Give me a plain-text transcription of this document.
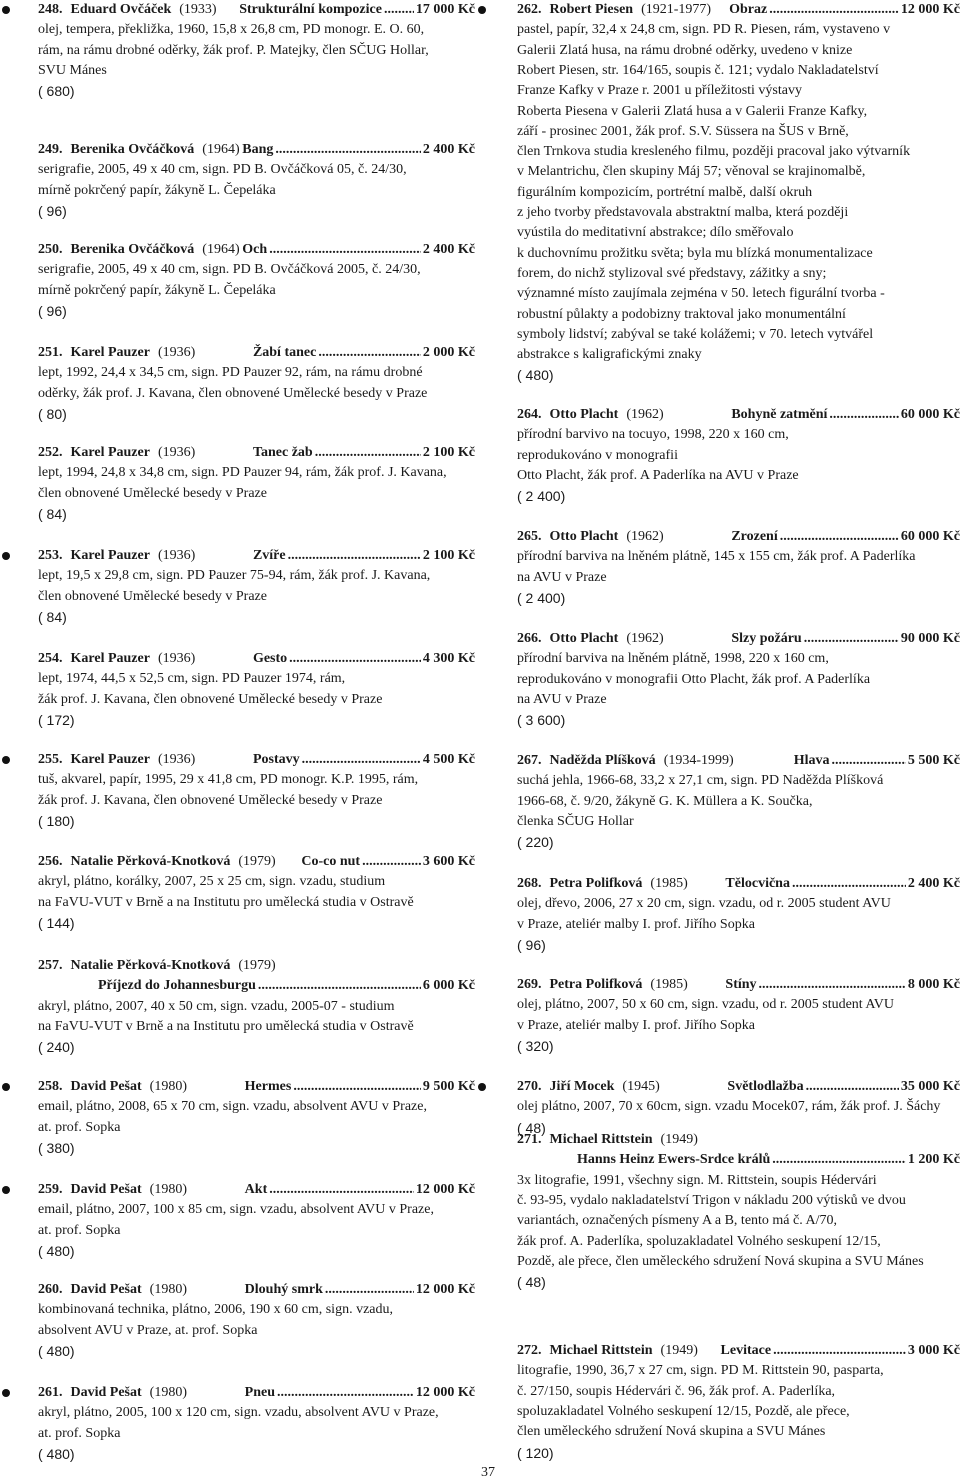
248. Eduard Ovčáček (1933)	Strukturální kompozice ..... 17 000 Kč
olej, tempera, překližka, 1960, 15,8 x 26,8 cm, PD monogr. E. O. 60,
rám, na rámu drobné oděrky, žák prof. P. Matejky, člen SČUG Hollar,
SVU Mánes
( 680)
249. Berenika Ovčáčková (1964) Bang .....	2 400 Kč
serigrafie, 2005, 49 x 40 cm, sign. PD B. Ovčáčková 05, č. 24/30,
mírně pokrčený papír, žákyně L. Čepeláka
( 96)
250. Berenika Ovčáčková (1964) Och .....	2 400 Kč
serigrafie, 2005, 49 x 40 cm, sign. PD B. Ovčáčková 2005, č. 24/30,
mírně pokrčený papír, žákyně L. Čepeláka
( 96)
251. Karel Pauzer (1936)	Žabí tanec .....	2 000 Kč
lept, 1992, 24,4 x 34,5 cm, sign. PD Pauzer 92, rám, na rámu drobné
oděrky, žák prof. J. Kavana, člen obnovené Umělecké besedy v Praze
( 80)
252. Karel Pauzer (1936)	Tanec žab .....	2 100 Kč
lept, 1994, 24,8 x 34,8 cm, sign. PD Pauzer 94, rám, žák prof. J. Kavana,
člen obnovené Umělecké besedy v Praze
( 84)
253. Karel Pauzer (1936)	Zvíře .....	2 100 Kč
lept, 19,5 x 29,8 cm, sign. PD Pauzer 75-94, rám, žák prof. J. Kavana,
člen obnovené Umělecké besedy v Praze
( 84)
254. Karel Pauzer (1936)	Gesto .....	4 300 Kč
lept, 1974, 44,5 x 52,5 cm, sign. PD Pauzer 1974, rám,
žák prof. J. Kavana, člen obnovené Umělecké besedy v Praze
( 172)
255. Karel Pauzer (1936)	Postavy .....	4 500 Kč
tuš, akvarel, papír, 1995, 29 x 41,8 cm, PD monogr. K.P. 1995, rám,
žák prof. J. Kavana, člen obnovené Umělecké besedy v Praze
( 180)
256. Natalie Pěrková-Knotková (1979)	Co-co nut .....	3 600 Kč
akryl, plátno, korálky, 2007, 25 x 25 cm, sign. vzadu, studium
na FaVU-VUT v Brně a na Institutu pro umělecká studia v Ostravě
( 144)
257. Natalie Pěrková-Knotková (1979)
Příjezd do Johannesburgu .....	6 000 Kč
akryl, plátno, 2007, 40 x 50 cm, sign. vzadu, 2005-07 - studium
na FaVU-VUT v Brně a na Institutu pro umělecká studia v Ostravě
( 240)
258. David Pešat (1980)	Hermes .....	9 500 Kč
email, plátno, 2008, 65 x 70 cm, sign. vzadu, absolvent AVU v Praze,
at. prof. Sopka
( 380)
259. David Pešat (1980)	Akt .....	12 000 Kč
email, plátno, 2007, 100 x 85 cm, sign. vzadu, absolvent AVU v Praze,
at. prof. Sopka
( 480)
260. David Pešat (1980)	Dlouhý smrk .....	12 000 Kč
kombinovaná technika, plátno, 2006, 190 x 60 cm, sign. vzadu,
absolvent AVU v Praze, at. prof. Sopka
( 480)
261. David Pešat (1980)	Pneu .....	12 000 Kč
akryl, plátno, 2005, 100 x 120 cm, sign. vzadu, absolvent AVU v Praze,
at. prof. Sopka
( 480)
262. Robert Piesen (1921-1977)	Obraz .....	12 000 Kč
pastel, papír, 32,4 x 24,8 cm, sign. PD R. Piesen, rám, vystaveno v
Galerii Zlatá husa, na rámu drobné oděrky, uvedeno v knize
Robert Piesen, str. 164/165, soupis č. 121; vydalo Nakladatelství
Franze Kafky v Praze r. 2001 u příležitosti výstavy
Roberta Piesena v Galerii Zlatá husa a v Galerii Franze Kafky,
září - prosinec 2001, žák prof. S.V. Süssera na ŠUS v Brně,
člen Trnkova studia kresleného filmu, později pracoval jako výtvarník
v Melantrichu, člen skupiny Máj 57; věnoval se krajinomalbě,
figurálním kompozicím, portrétní malbě, další okruh
z jeho tvorby představovala abstraktní malba, která později
vyústila do meditativní abstrakce; dílo směřovalo
k duchovnímu prožitku světa; byla mu blízká monumentalizace
forem, do nichž stylizoval své představy, zážitky a sny;
významné místo zaujímala zejména v 50. letech figurální tvorba -
robustní půlakty a podobizny traktoval jako monumentální
symboly lidství; zabýval se také kolážemi; v 70. letech vytvářel
abstrakce s kaligrafickými znaky
( 480)
264. Otto Placht (1962)	Bohyně zatmění .....	60 000 Kč
přírodní barvivo na tocuyo, 1998, 220 x 160 cm,
reprodukováno v monografii
Otto Placht, žák prof. A Paderlíka na AVU v Praze
( 2 400)
265. Otto Placht (1962)	Zrození .....	60 000 Kč
přírodní barviva na lněném plátně, 145 x 155 cm, žák prof. A Paderlíka
na AVU v Praze
( 2 400)
266. Otto Placht (1962)	Slzy požáru .....	90 000 Kč
přírodní barviva na lněném plátně, 1998, 220 x 160 cm,
reprodukováno v monografii Otto Placht, žák prof. A Paderlíka
na AVU v Praze
( 3 600)
267. Naděžda Plíšková (1934-1999)	Hlava .....	5 500 Kč
suchá jehla, 1966-68, 33,2 x 27,1 cm, sign. PD Naděžda Plíšková
1966-68, č. 9/20, žákyně G. K. Müllera a K. Součka,
členka SČUG Hollar
( 220)
268. Petra Polifková (1985)	Tělocvična .....	2 400 Kč
olej, dřevo, 2006, 27 x 20 cm, sign. vzadu, od r. 2005 student AVU
v Praze, ateliér malby I. prof. Jiřího Sopka
( 96)
269. Petra Polifková (1985)	Stíny .....	8 000 Kč
olej, plátno, 2007, 50 x 60 cm, sign. vzadu, od r. 2005 student AVU
v Praze, ateliér malby I. prof. Jiřího Sopka
( 320)
270. Jiří Mocek (1945)	Světlodlažba .....	35 000 Kč
olej plátno, 2007, 70 x 60cm, sign. vzadu Mocek07, rám, žák prof. J. Šáchy
( 48)
271. Michael Rittstein (1949)
Hanns Heinz Ewers-Srdce králů .....	1 200 Kč
3x litografie, 1991, všechny sign. M. Rittstein, soupis Hédervári
č. 93-95, vydalo nakladatelství Trigon v nákladu 200 výtisků ve dvou
variantách, označených písmeny A a B, tento má č. A/70,
žák prof. A. Paderlíka, spoluzakladatel Volného seskupení 12/15,
Pozdě, ale přece, člen uměleckého sdružení Nová skupina a SVU Mánes
( 48)
272. Michael Rittstein (1949)	Levitace .....	3 000 Kč
litografie, 1990, 36,7 x 27 cm, sign. PD M. Rittstein 90, pasparta,
č. 27/150, soupis Hédervári č. 96, žák prof. A. Paderlíka,
spoluzakladatel Volného seskupení 12/15, Pozdě, ale přece,
člen uměleckého sdružení Nová skupina a SVU Mánes
( 120)
37
